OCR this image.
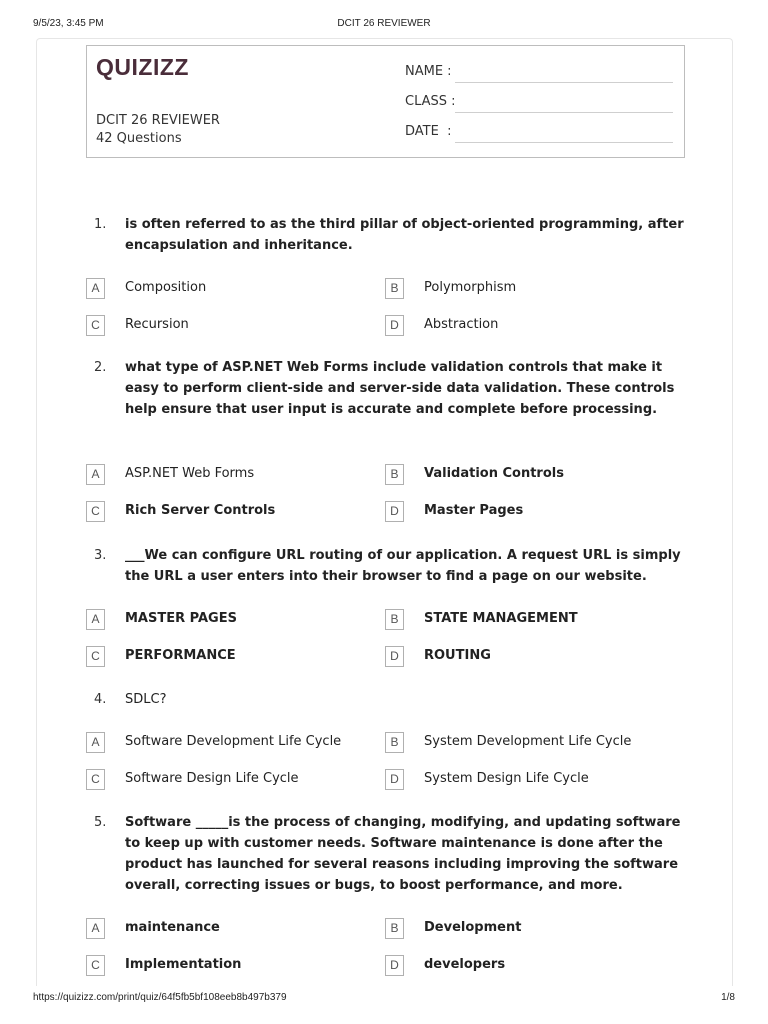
9/5/23, 3:45 PM	DCIT 26 REVIEWER
QUIZIZZ
DCIT 26 REVIEWER
42 Questions
NAME :
CLASS :
DATE  :
1. is often referred to as the third pillar of object-oriented programming, after encapsulation and inheritance.
A	Composition	B	Polymorphism
C	Recursion	D	Abstraction
2. what type of ASP.NET Web Forms include validation controls that make it easy to perform client-side and server-side data validation. These controls help ensure that user input is accurate and complete before processing.
A	ASP.NET Web Forms	B	Validation Controls
C	Rich Server Controls	D	Master Pages
3. ___We can configure URL routing of our application. A request URL is simply the URL a user enters into their browser to find a page on our website.
A	MASTER PAGES	B	STATE MANAGEMENT
C	PERFORMANCE	D	ROUTING
4. SDLC?
A	Software Development Life Cycle	B	System Development Life Cycle
C	Software Design Life Cycle	D	System Design Life Cycle
5. Software _____is the process of changing, modifying, and updating software to keep up with customer needs. Software maintenance is done after the product has launched for several reasons including improving the software overall, correcting issues or bugs, to boost performance, and more.
A	maintenance	B	Development
C	Implementation	D	developers
https://quizizz.com/print/quiz/64f5fb5bf108eeb8b497b379	1/8
